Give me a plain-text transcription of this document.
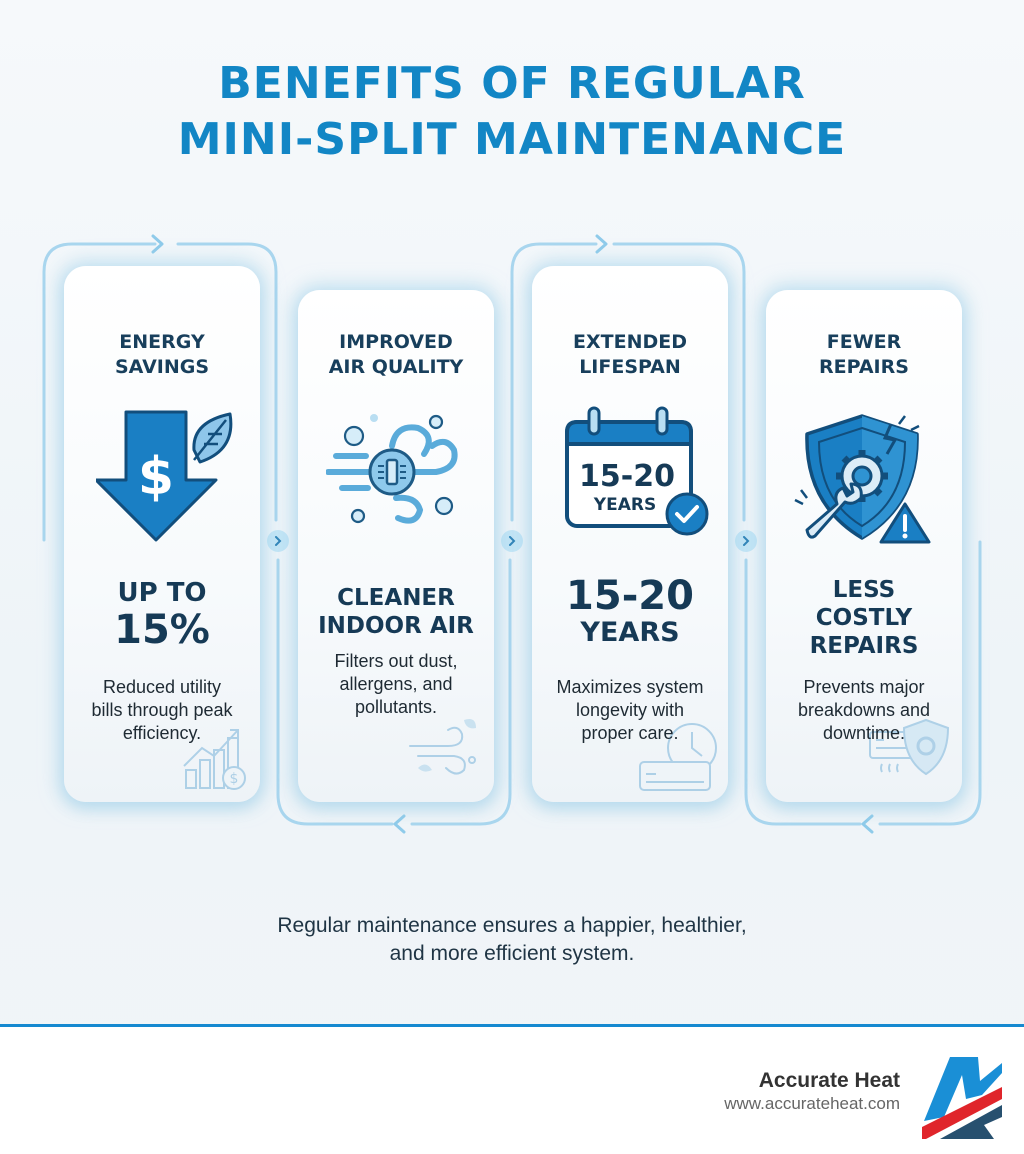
BENEFITS OF REGULAR
MINI-SPLIT MAINTENANCE
ENERGY
SAVINGS
$
UP TO
15%
Reduced utility
bills through peak
efficiency.
$
IMPROVED
AIR QUALITY
CLEANER
INDOOR AIR
Filters out dust,
allergens, and
pollutants.
EXTENDED
LIFESPAN
15-20
YEARS
15-20
YEARS
Maximizes system
longevity with
proper care.
FEWER
REPAIRS
LESS
COSTLY
REPAIRS
Prevents major
breakdowns and
downtime.

Regular maintenance ensures a happier, healthier,
and more efficient system.

Accurate Heat
www.accurateheat.com
